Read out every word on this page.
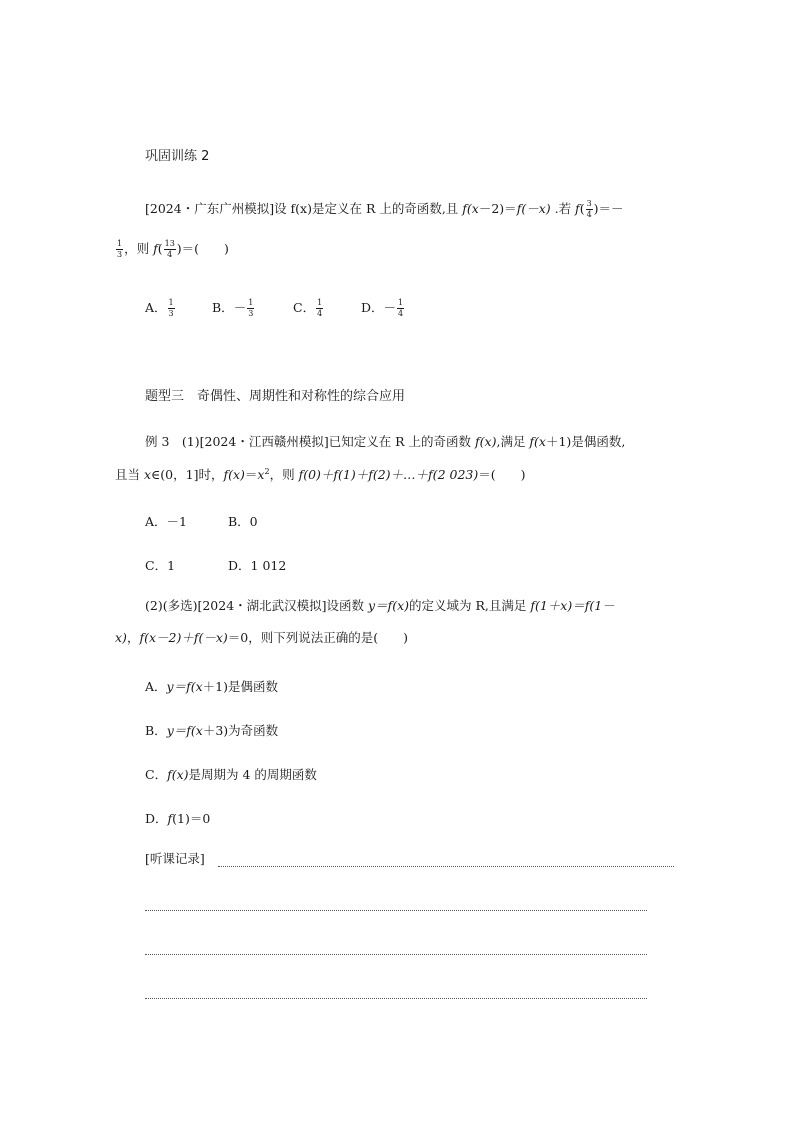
巩固训练 2
[2024・广东广州模拟]设 f(x)是定义在 R 上的奇函数,且 f(x－2)＝f(－x) .若 $f( \frac{3}{4}$ )＝－
$\frac{1}{3}$ ，则 $f( \frac{13}{4}$ )＝(　　)
A． $\frac{1}{3}$	B．－ $\frac{1}{3}$	C． $\frac{1}{4}$	D．－ $\frac{1}{4}$
题型三　奇偶性、周期性和对称性的综合应用
例 3　(1)[2024・江西赣州模拟]已知定义在 R 上的奇函数 f(x),满足 f(x＋1)是偶函数,
且当 x∈(0，1]时，$f(x)=x^2$，则 f(0)＋f(1)＋f(2)＋…＋f(2 023)＝(　　)
A．－1	B．0
C．1	D．1 012
(2)(多选)[2024・湖北武汉模拟]设函数 y＝f(x)的定义域为 R,且满足 f(1＋x)＝f(1－
x)，f(x－2)＋f(－x)＝0，则下列说法正确的是(　　)
A．y＝f(x＋1)是偶函数
B．y＝f(x＋3)为奇函数
C．f(x)是周期为 4 的周期函数
D．f(1)＝0
[听课记录]
